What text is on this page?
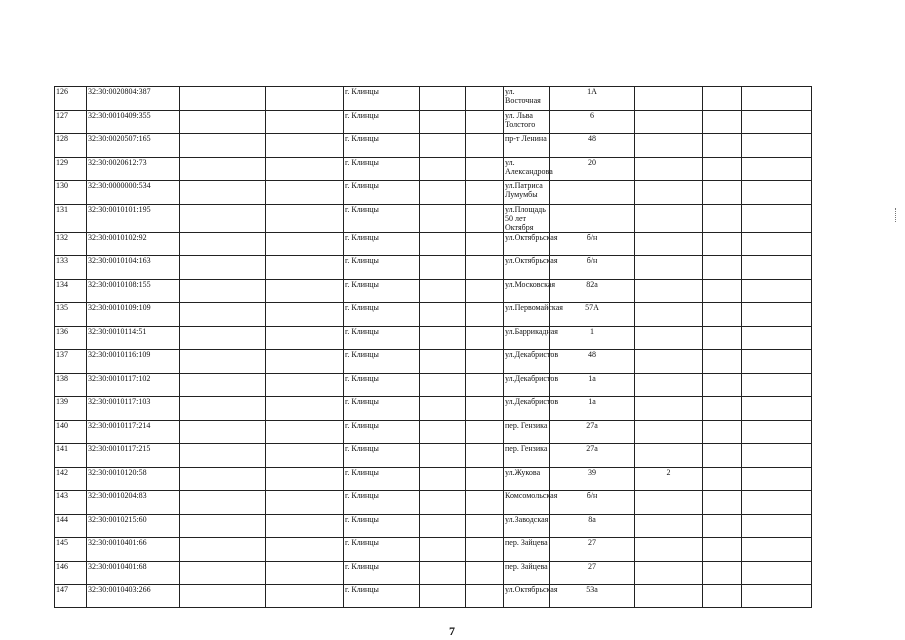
126	32:30:0020804:387			г. Клинцы			ул. Восточная	1А			
127	32:30:0010409:355			г. Клинцы			ул. Льва Толстого	6			
128	32:30:0020507:165			г. Клинцы			пр-т Ленина	48			
129	32:30:0020612:73			г. Клинцы			ул. Александрова	20			
130	32:30:0000000:534			г. Клинцы			ул.Патриса Лумумбы				
131	32:30:0010101:195			г. Клинцы			ул.Площадь 50 лет Октября				
132	32:30:0010102:92			г. Клинцы			ул.Октябрьская	б/н			
133	32:30:0010104:163			г. Клинцы			ул.Октябрьская	б/н			
134	32:30:0010108:155			г. Клинцы			ул.Московская	82а			
135	32:30:0010109:109			г. Клинцы			ул.Первомайская	57А			
136	32:30:0010114:51			г. Клинцы			ул.Баррикадная	1			
137	32:30:0010116:109			г. Клинцы			ул.Декабристов	48			
138	32:30:0010117:102			г. Клинцы			ул.Декабристов	1а			
139	32:30:0010117:103			г. Клинцы			ул.Декабристов	1а			
140	32:30:0010117:214			г. Клинцы			пер. Гензика	27а			
141	32:30:0010117:215			г. Клинцы			пер. Гензика	27а			
142	32:30:0010120:58			г. Клинцы			ул.Жукова	39	2		
143	32:30:0010204:83			г. Клинцы			Комсомольская	б/н			
144	32:30:0010215:60			г. Клинцы			ул.Заводская	8а			
145	32:30:0010401:66			г. Клинцы			пер. Зайцева	27			
146	32:30:0010401:68			г. Клинцы			пер. Зайцева	27			
147	32:30:0010403:266			г. Клинцы			ул.Октябрьская	53а			
7
